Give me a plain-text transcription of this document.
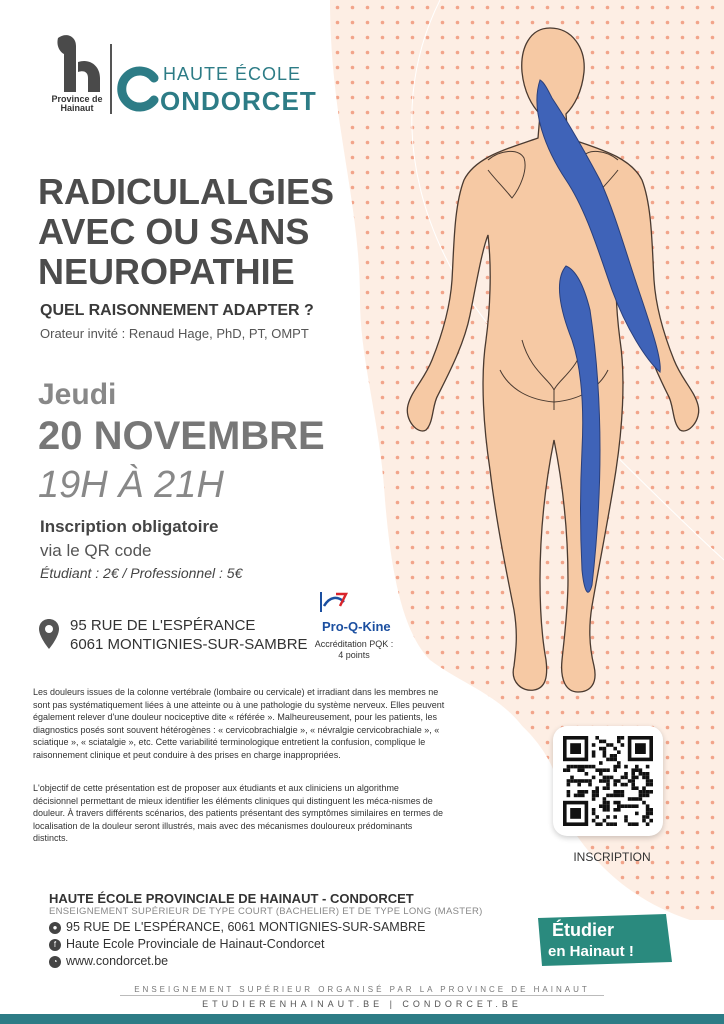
Province de
Hainaut
HAUTE ÉCOLE
ONDORCET
RADICULALGIES
AVEC OU SANS
NEUROPATHIE
QUEL RAISONNEMENT ADAPTER ?
Orateur invité : Renaud Hage, PhD, PT, OMPT
Jeudi
20 NOVEMBRE
19H À 21H
Inscription obligatoire
via le QR code
Étudiant : 2€ / Professionnel : 5€
95 RUE DE L'ESPÉRANCE
6061 MONTIGNIES-SUR-SAMBRE
Pro-Q-Kine
Accréditation PQK :
4 points
Les douleurs issues de la colonne vertébrale (lombaire ou cervicale) et irradiant dans les membres ne sont pas systématiquement liées à une atteinte ou à une pathologie du système nerveux. Elles peuvent également relever d'une douleur nociceptive dite « référée ». Malheureusement, pour les patients, les diagnostics posés sont souvent hétérogènes : « cervicobrachialgie », « névralgie cervicobrachiale », « sciatique », « sciatalgie », etc. Cette variabilité terminologique entretient la confusion, complique le raisonnement clinique et peut conduire à des prises en charge inappropriées.
L'objectif de cette présentation est de proposer aux étudiants et aux cliniciens un algorithme décisionnel permettant de mieux identifier les éléments cliniques qui distinguent les méca-nismes de douleur. À travers différents scénarios, des patients présentant des symptômes similaires en termes de localisation de la douleur seront illustrés, mais avec des mécanismes douloureux prédominants distincts.
INSCRIPTION
HAUTE ÉCOLE PROVINCIALE DE HAINAUT - CONDORCET
ENSEIGNEMENT SUPÉRIEUR DE TYPE COURT (BACHELIER) ET DE TYPE LONG (MASTER)
● 95 RUE DE L'ESPÉRANCE, 6061 MONTIGNIES-SUR-SAMBRE
f Haute Ecole Provinciale de Hainaut-Condorcet
◔ www.condorcet.be
Étudier
en Hainaut !
ENSEIGNEMENT SUPÉRIEUR ORGANISÉ PAR LA PROVINCE DE HAINAUT
ETUDIERENHAINAUT.BE | CONDORCET.BE
